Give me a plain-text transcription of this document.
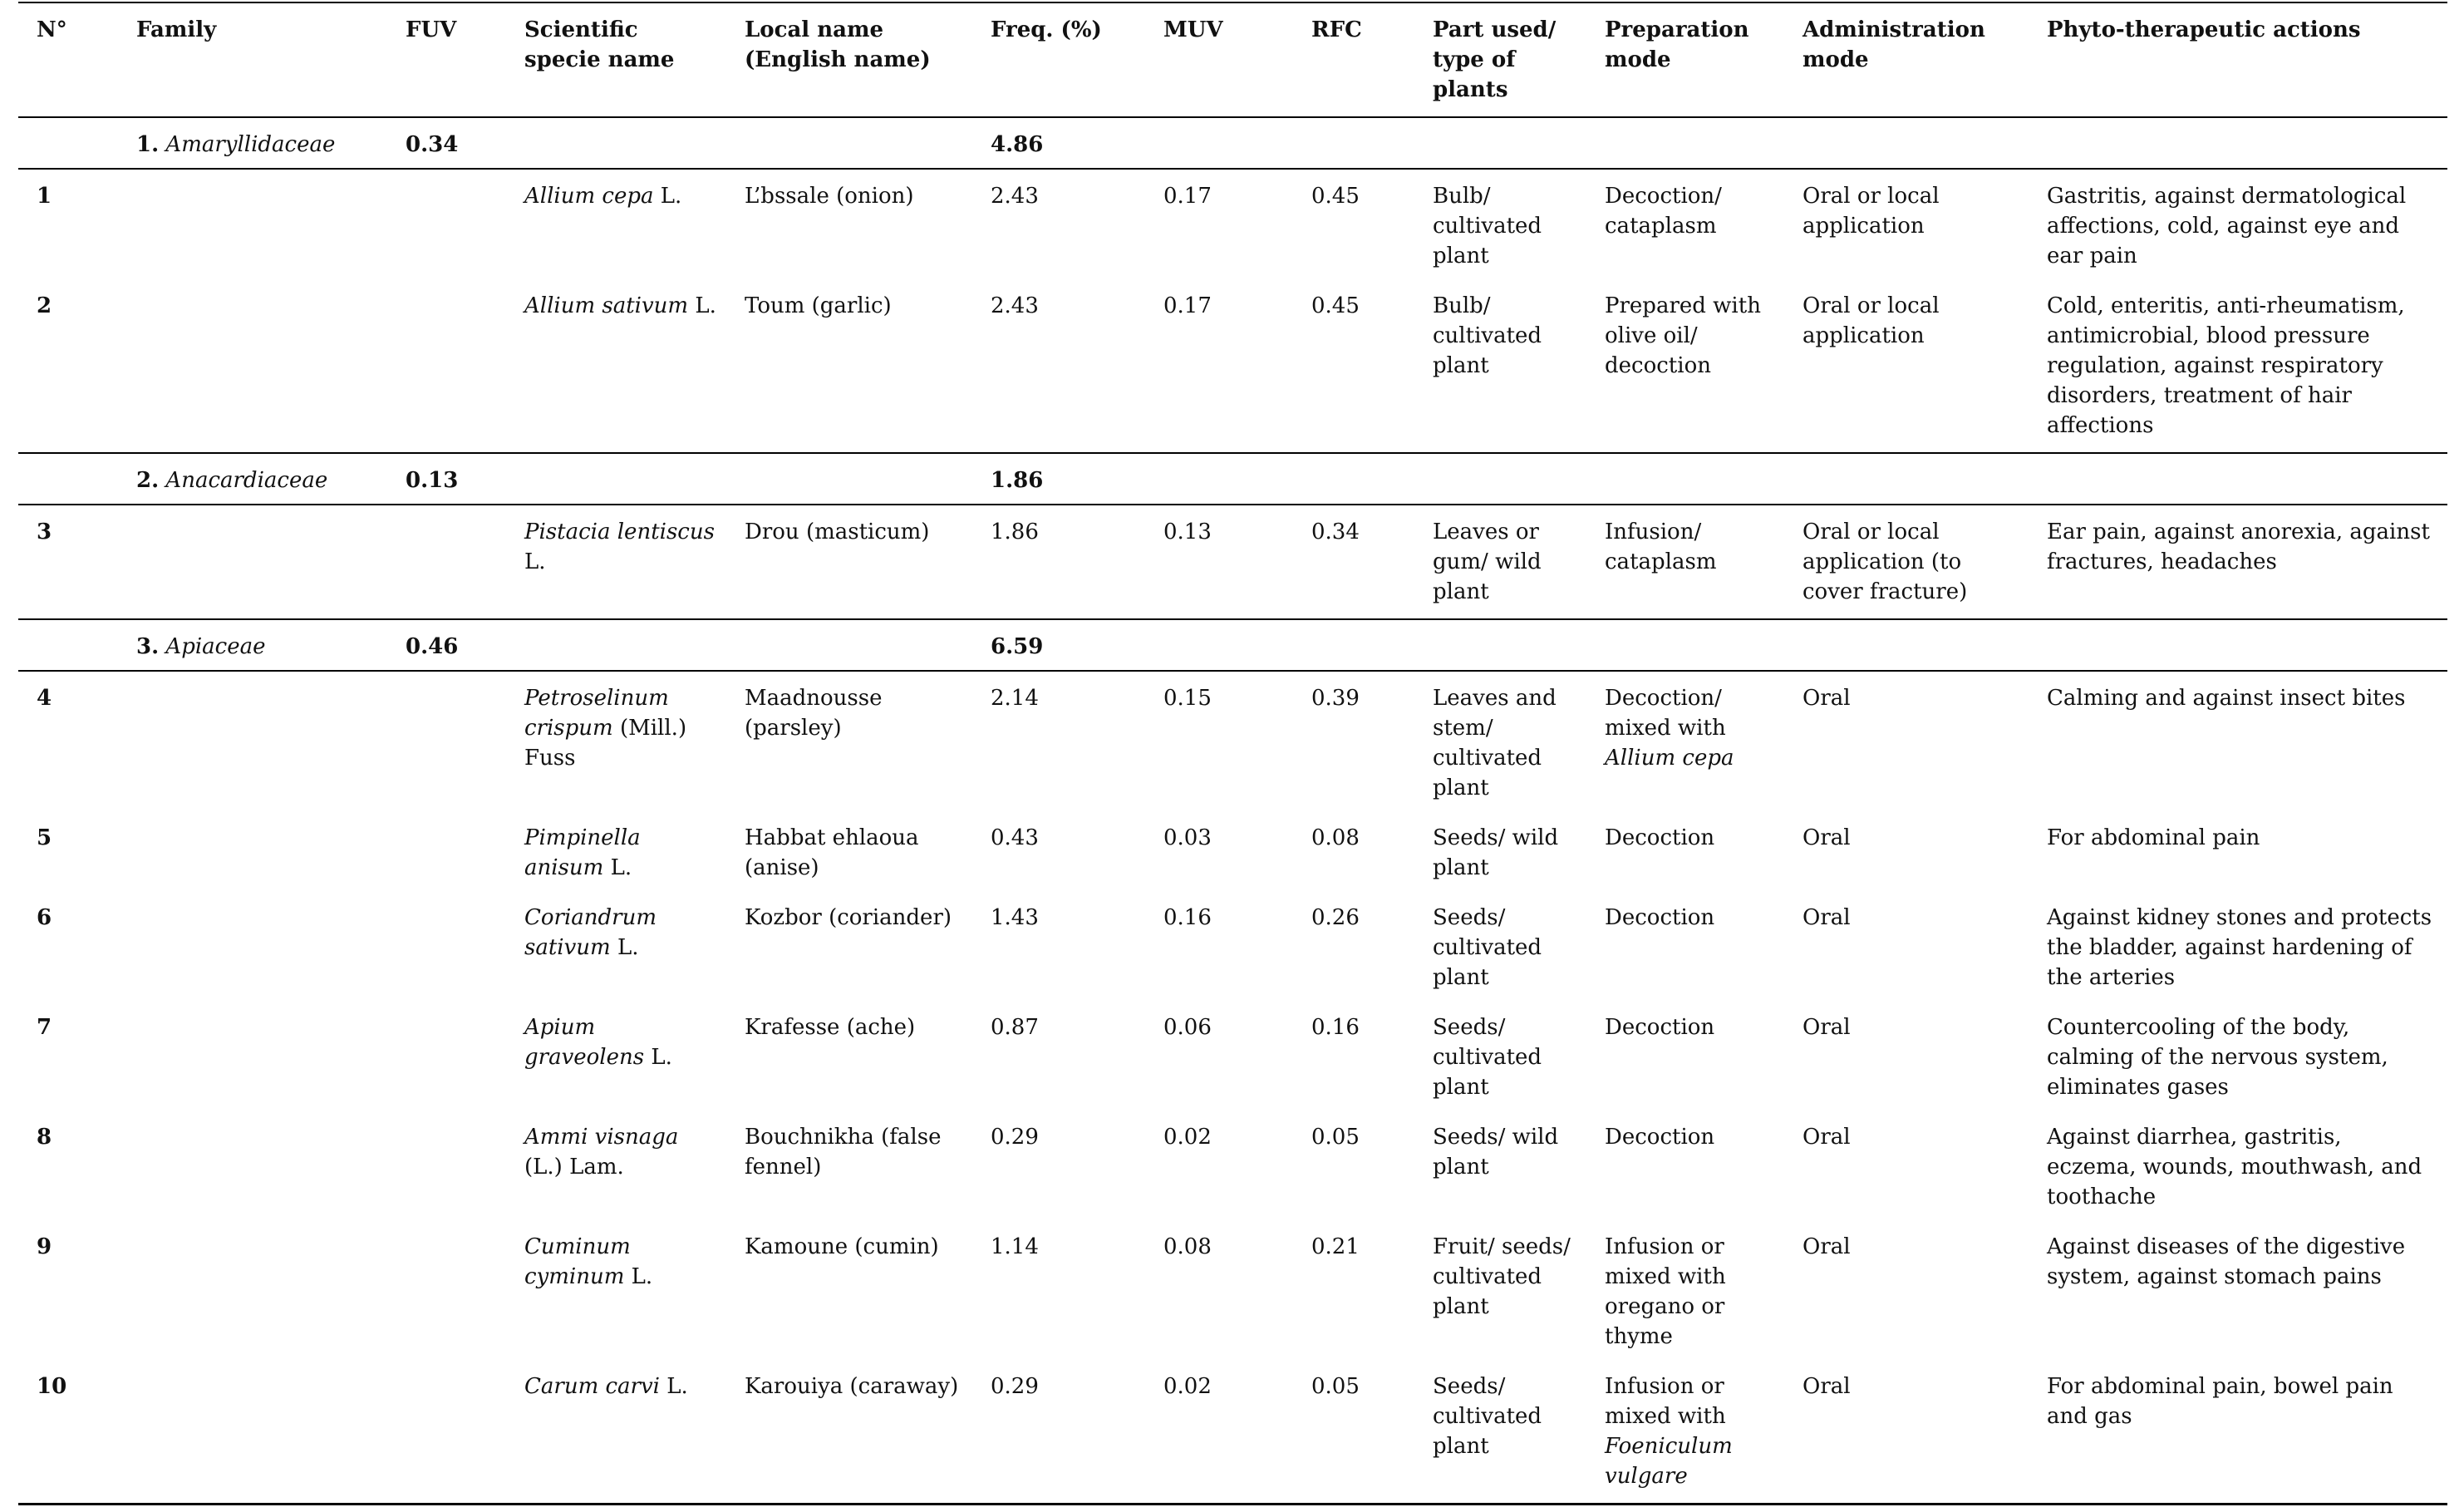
N°	Family	FUV	Scientific specie name	Local name (English name)	Freq. (%)	MUV	RFC	Part used/ type of plants	Preparation mode	Administration mode	Phyto-therapeutic actions
	1. Amaryllidaceae	0.34			4.86						
1			Allium cepa L.	L’bssale (onion)	2.43	0.17	0.45	Bulb/ cultivated plant	Decoction/ cataplasm	Oral or local application	Gastritis, against dermatological affections, cold, against eye and ear pain
2			Allium sativum L.	Toum (garlic)	2.43	0.17	0.45	Bulb/ cultivated plant	Prepared with olive oil/ decoction	Oral or local application	Cold, enteritis, anti-rheumatism, antimicrobial, blood pressure regulation, against respiratory disorders, treatment of hair affections
	2. Anacardiaceae	0.13			1.86						
3			Pistacia lentiscus L.	Drou (masticum)	1.86	0.13	0.34	Leaves or gum/ wild plant	Infusion/ cataplasm	Oral or local application (to cover fracture)	Ear pain, against anorexia, against fractures, headaches
	3. Apiaceae	0.46			6.59						
4			Petroselinum crispum (Mill.) Fuss	Maadnousse (parsley)	2.14	0.15	0.39	Leaves and stem/ cultivated plant	Decoction/ mixed with Allium cepa	Oral	Calming and against insect bites
5			Pimpinella anisum L.	Habbat ehlaoua (anise)	0.43	0.03	0.08	Seeds/ wild plant	Decoction	Oral	For abdominal pain
6			Coriandrum sativum L.	Kozbor (coriander)	1.43	0.16	0.26	Seeds/ cultivated plant	Decoction	Oral	Against kidney stones and protects the bladder, against hardening of the arteries
7			Apium graveolens L.	Krafesse (ache)	0.87	0.06	0.16	Seeds/ cultivated plant	Decoction	Oral	Countercooling of the body, calming of the nervous system, eliminates gases
8			Ammi visnaga (L.) Lam.	Bouchnikha (false fennel)	0.29	0.02	0.05	Seeds/ wild plant	Decoction	Oral	Against diarrhea, gastritis, eczema, wounds, mouthwash, and toothache
9			Cuminum cyminum L.	Kamoune (cumin)	1.14	0.08	0.21	Fruit/ seeds/ cultivated plant	Infusion or mixed with oregano or thyme	Oral	Against diseases of the digestive system, against stomach pains
10			Carum carvi L.	Karouiya (caraway)	0.29	0.02	0.05	Seeds/ cultivated plant	Infusion or mixed with Foeniculum vulgare	Oral	For abdominal pain, bowel pain and gas
